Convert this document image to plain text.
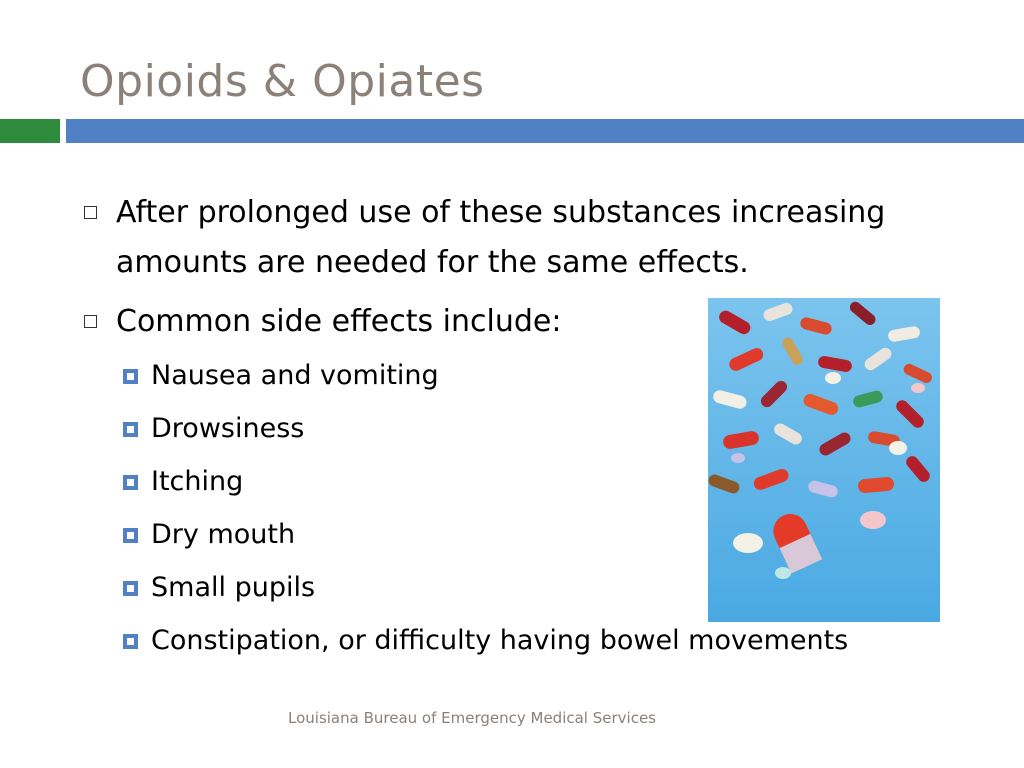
Opioids & Opiates
After prolonged use of these substances increasing amounts are needed for the same effects.
Common side effects include:
Nausea and vomiting
Drowsiness
Itching
Dry mouth
Small pupils
Constipation, or difficulty having bowel movements
Louisiana Bureau of Emergency Medical Services
